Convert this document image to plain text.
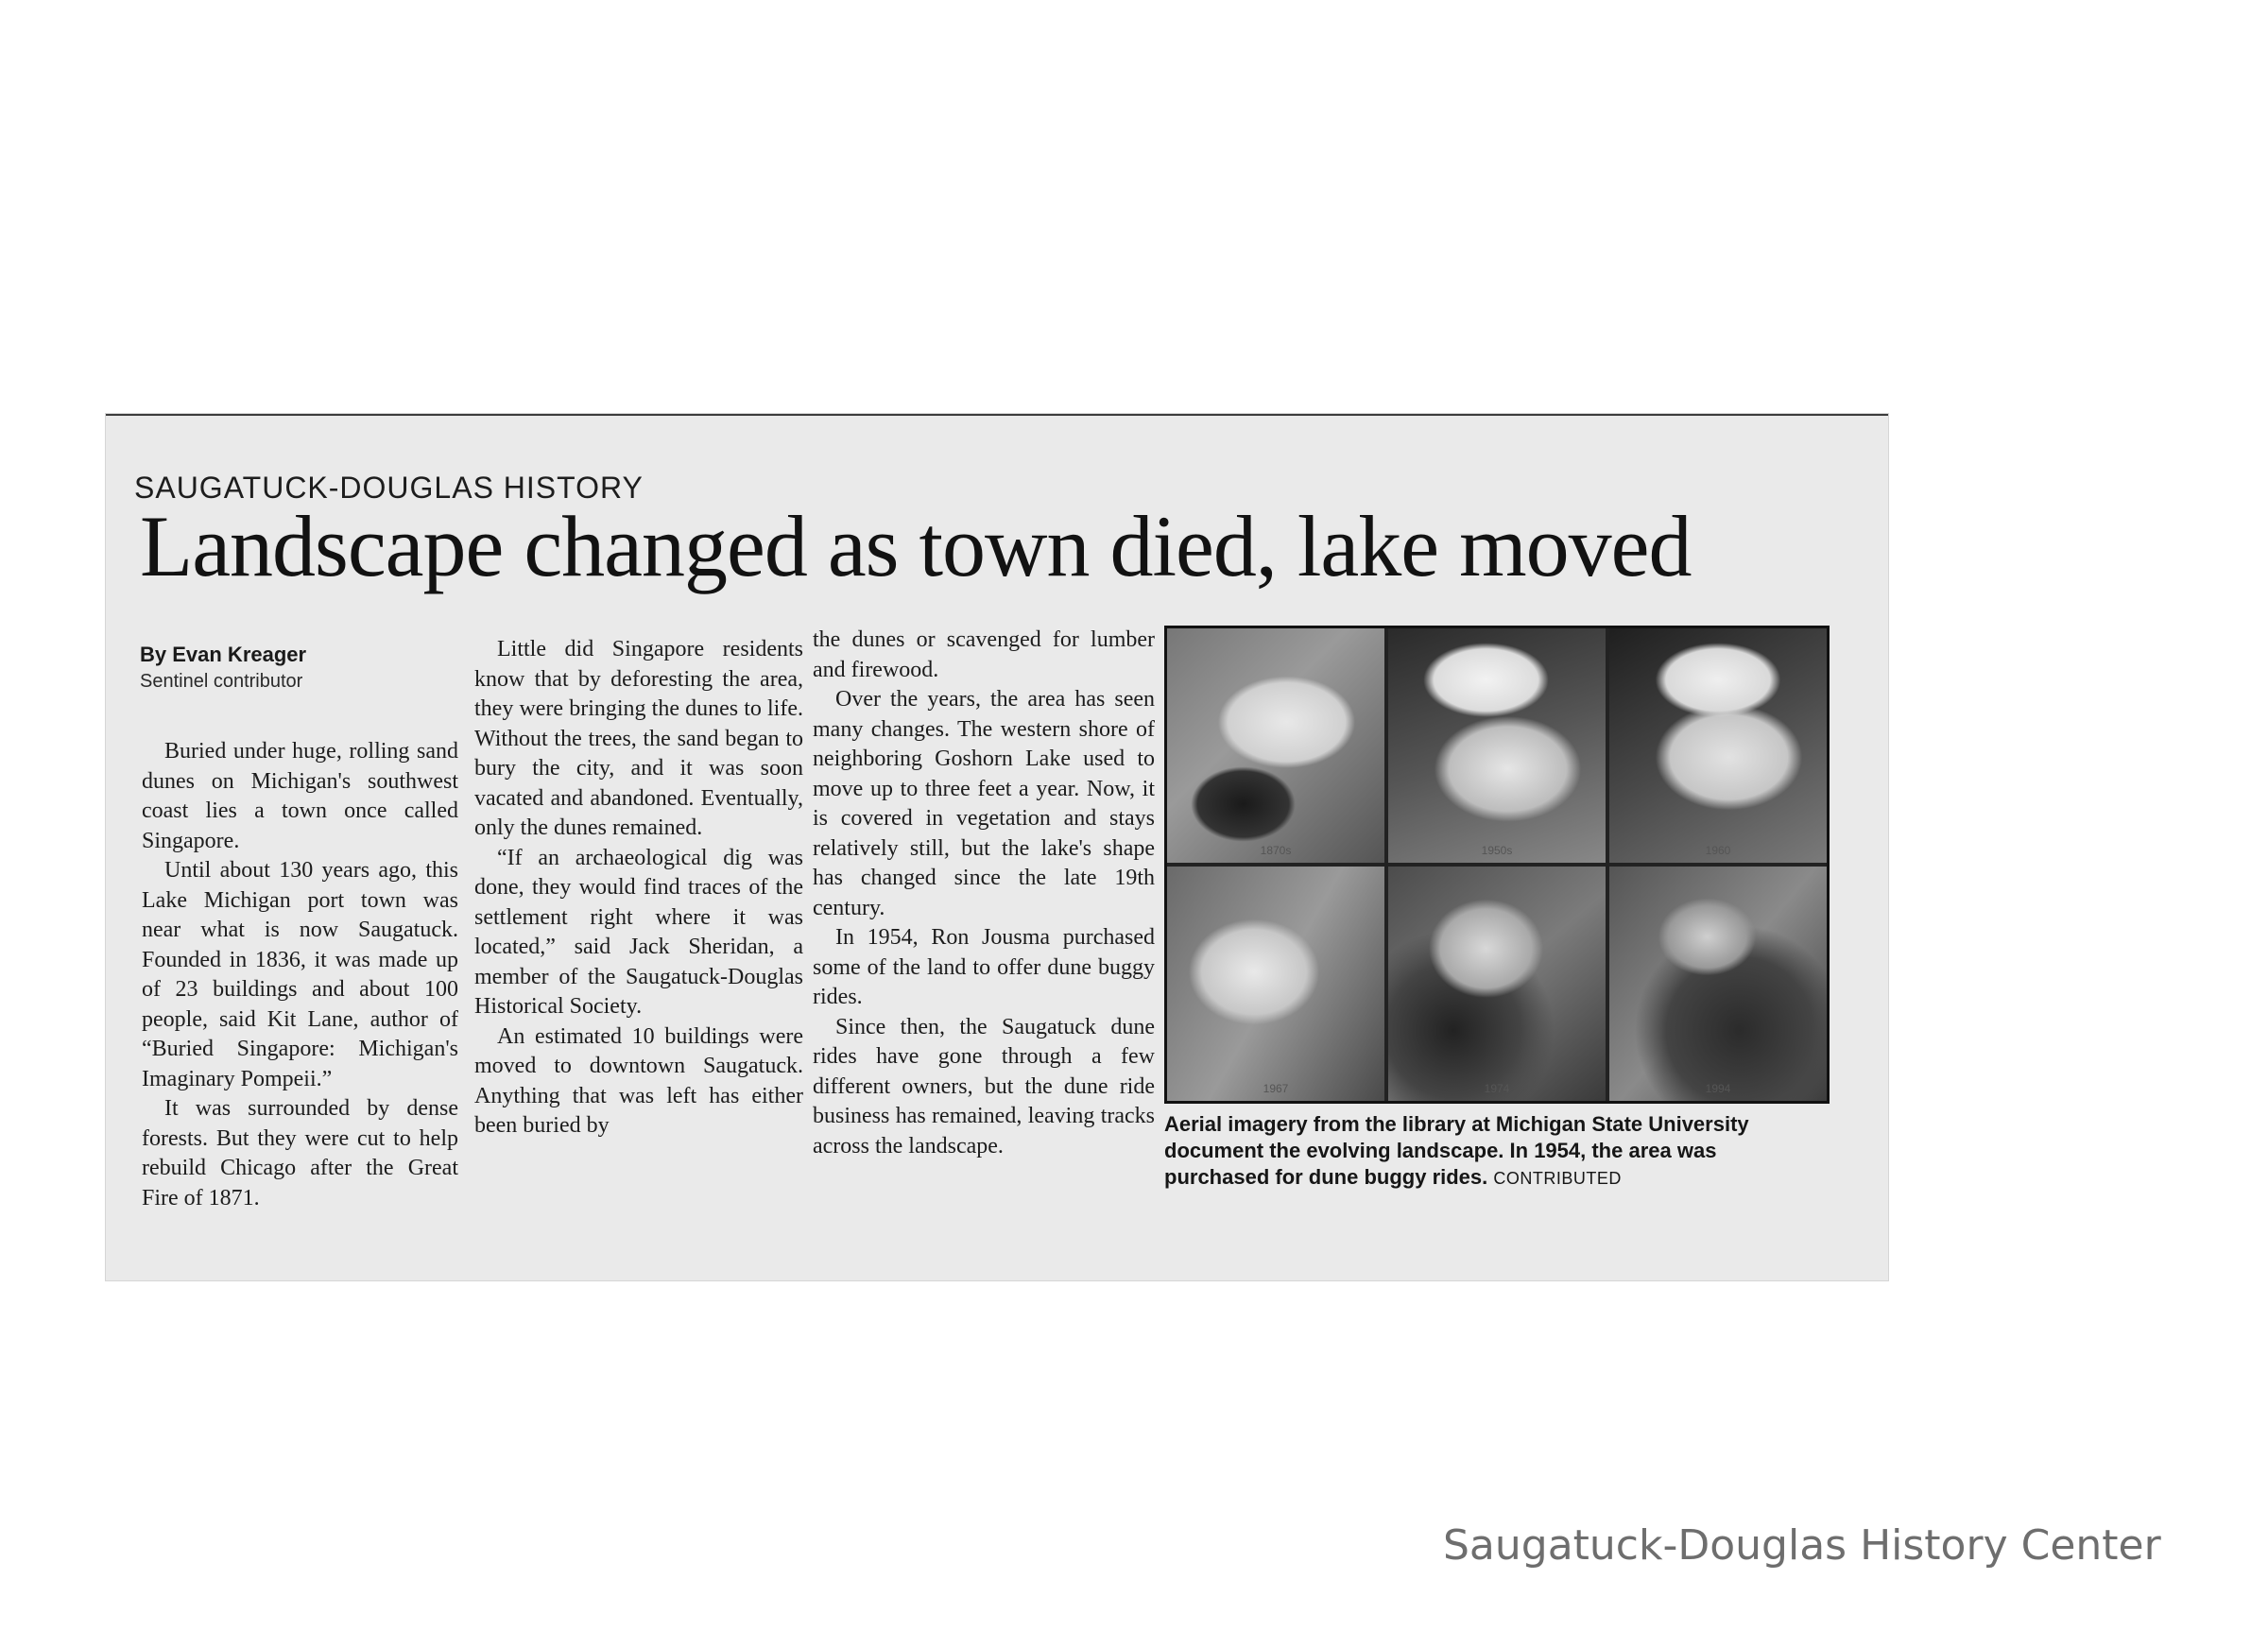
SAUGATUCK-DOUGLAS HISTORY
Landscape changed as town died, lake moved
By Evan Kreager
Sentinel contributor

Buried under huge, rolling sand dunes on Michigan's southwest coast lies a town once called Singapore.

Until about 130 years ago, this Lake Michigan port town was near what is now Saugatuck. Founded in 1836, it was made up of 23 buildings and about 100 people, said Kit Lane, author of “Buried Singapore: Michigan's Imaginary Pompeii.”

It was surrounded by dense forests. But they were cut to help rebuild Chicago after the Great Fire of 1871.

Little did Singapore residents know that by deforesting the area, they were bringing the dunes to life. Without the trees, the sand began to bury the city, and it was soon vacated and abandoned. Eventually, only the dunes remained.

“If an archaeological dig was done, they would find traces of the settlement right where it was located,” said Jack Sheridan, a member of the Saugatuck-Douglas Historical Society.

An estimated 10 buildings were moved to downtown Saugatuck. Anything that was left has either been buried by

the dunes or scavenged for lumber and firewood.

Over the years, the area has seen many changes. The western shore of neighboring Goshorn Lake used to move up to three feet a year. Now, it is covered in vegetation and stays relatively still, but the lake's shape has changed since the late 19th century.

In 1954, Ron Jousma purchased some of the land to offer dune buggy rides.

Since then, the Saugatuck dune rides have gone through a few different owners, but the dune ride business has remained, leaving tracks across the landscape.

1870s	1950s	1960
1967	1974	1994
Aerial imagery from the library at Michigan State University document the evolving landscape. In 1954, the area was purchased for dune buggy rides. CONTRIBUTED
Saugatuck-Douglas History Center
